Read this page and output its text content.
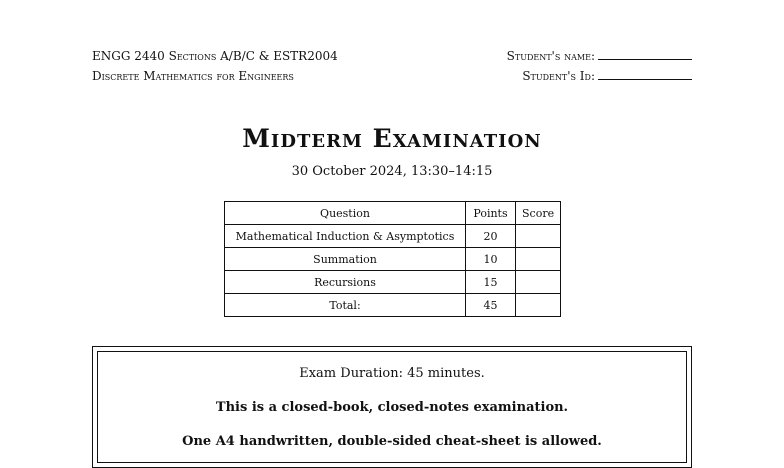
ENGG 2440 Sections A/B/C & ESTR2004
Discrete Mathematics for Engineers
Student's name:
Student's Id:
Midterm Examination
30 October 2024, 13:30–14:15
Question	Points	Score
Mathematical Induction & Asymptotics	20	
Summation	10	
Recursions	15	
Total:	45	
Exam Duration: 45 minutes.
This is a closed-book, closed-notes examination.
One A4 handwritten, double-sided cheat-sheet is allowed.
